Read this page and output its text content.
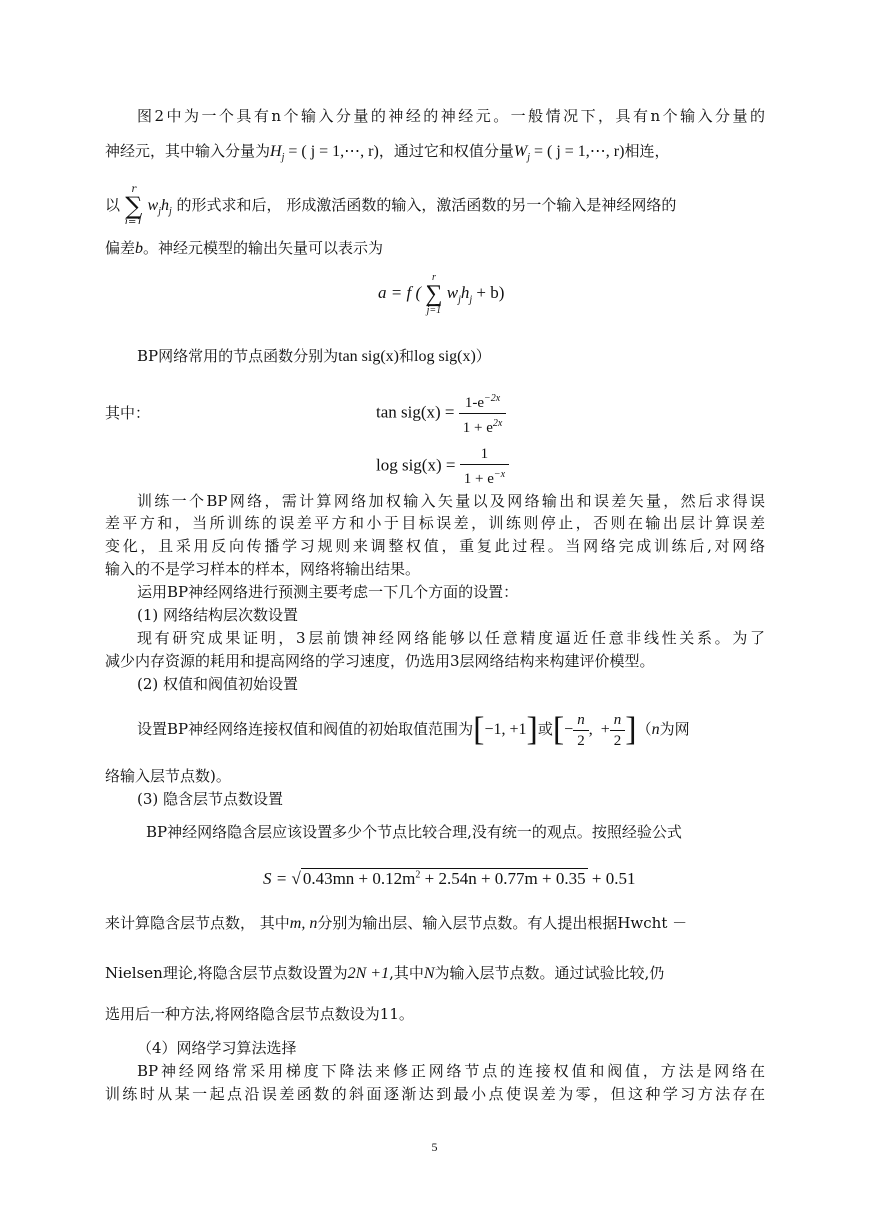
图2中为一个具有n个输入分量的神经的神经元。一般情况下，具有n个输入分量的
神经元，其中输入分量为$H_j$ = ( j = 1,⋯, r)，通过它和权值分量$W_j$ = ( j = 1,⋯, r)相连，
以
r
∑
i=1
$w_jh_j$ 的形式求和后， 形成激活函数的输入，激活函数的另一个输入是神经网络的
偏差b。神经元模型的输出矢量可以表示为
a = f (
r
∑
j=1
$w_jh_j + b$)
BP网络常用的节点函数分别为tan sig(x)和log sig(x)）
其中：	$\tan sig(x) = \frac{1-e^{-2x}}{1 + e^{2x}}$
$\log sig(x) = \frac{1}{1 + e^{-x}}$
训练一个BP网络，需计算网络加权输入矢量以及网络输出和误差矢量，然后求得误
差平方和，当所训练的误差平方和小于目标误差，训练则停止，否则在输出层计算误差
变化，且采用反向传播学习规则来调整权值，重复此过程。当网络完成训练后,对网络
输入的不是学习样本的样本，网络将输出结果。
运用BP神经网络进行预测主要考虑一下几个方面的设置：
(1) 网络结构层次数设置
现有研究成果证明，3层前馈神经网络能够以任意精度逼近任意非线性关系。为了
减少内存资源的耗用和提高网络的学习速度，仍选用3层网络结构来构建评价模型。
(2) 权值和阀值初始设置
设置BP神经网络连接权值和阀值的初始取值范围为[−1, +1]或[− $\frac{n}{2}$ ,  + $\frac{n}{2} ](n$为网
络输入层节点数)。
(3) 隐含层节点数设置
BP神经网络隐含层应该设置多少个节点比较合理,没有统一的观点。按照经验公式
S = √ $0.43mn + 0.12m^2 + 2.54n + 0.77m + 0.35 + 0.51$
来计算隐含层节点数， 其中m, n分别为输出层、输入层节点数。有人提出根据Hwcht －
Nielsen理论,将隐含层节点数设置为2N +1,其中N为输入层节点数。通过试验比较,仍
选用后一种方法,将网络隐含层节点数设为11。
（4）网络学习算法选择
BP神经网络常采用梯度下降法来修正网络节点的连接权值和阀值，方法是网络在
训练时从某一起点沿误差函数的斜面逐渐达到最小点使误差为零，但这种学习方法存在
5
